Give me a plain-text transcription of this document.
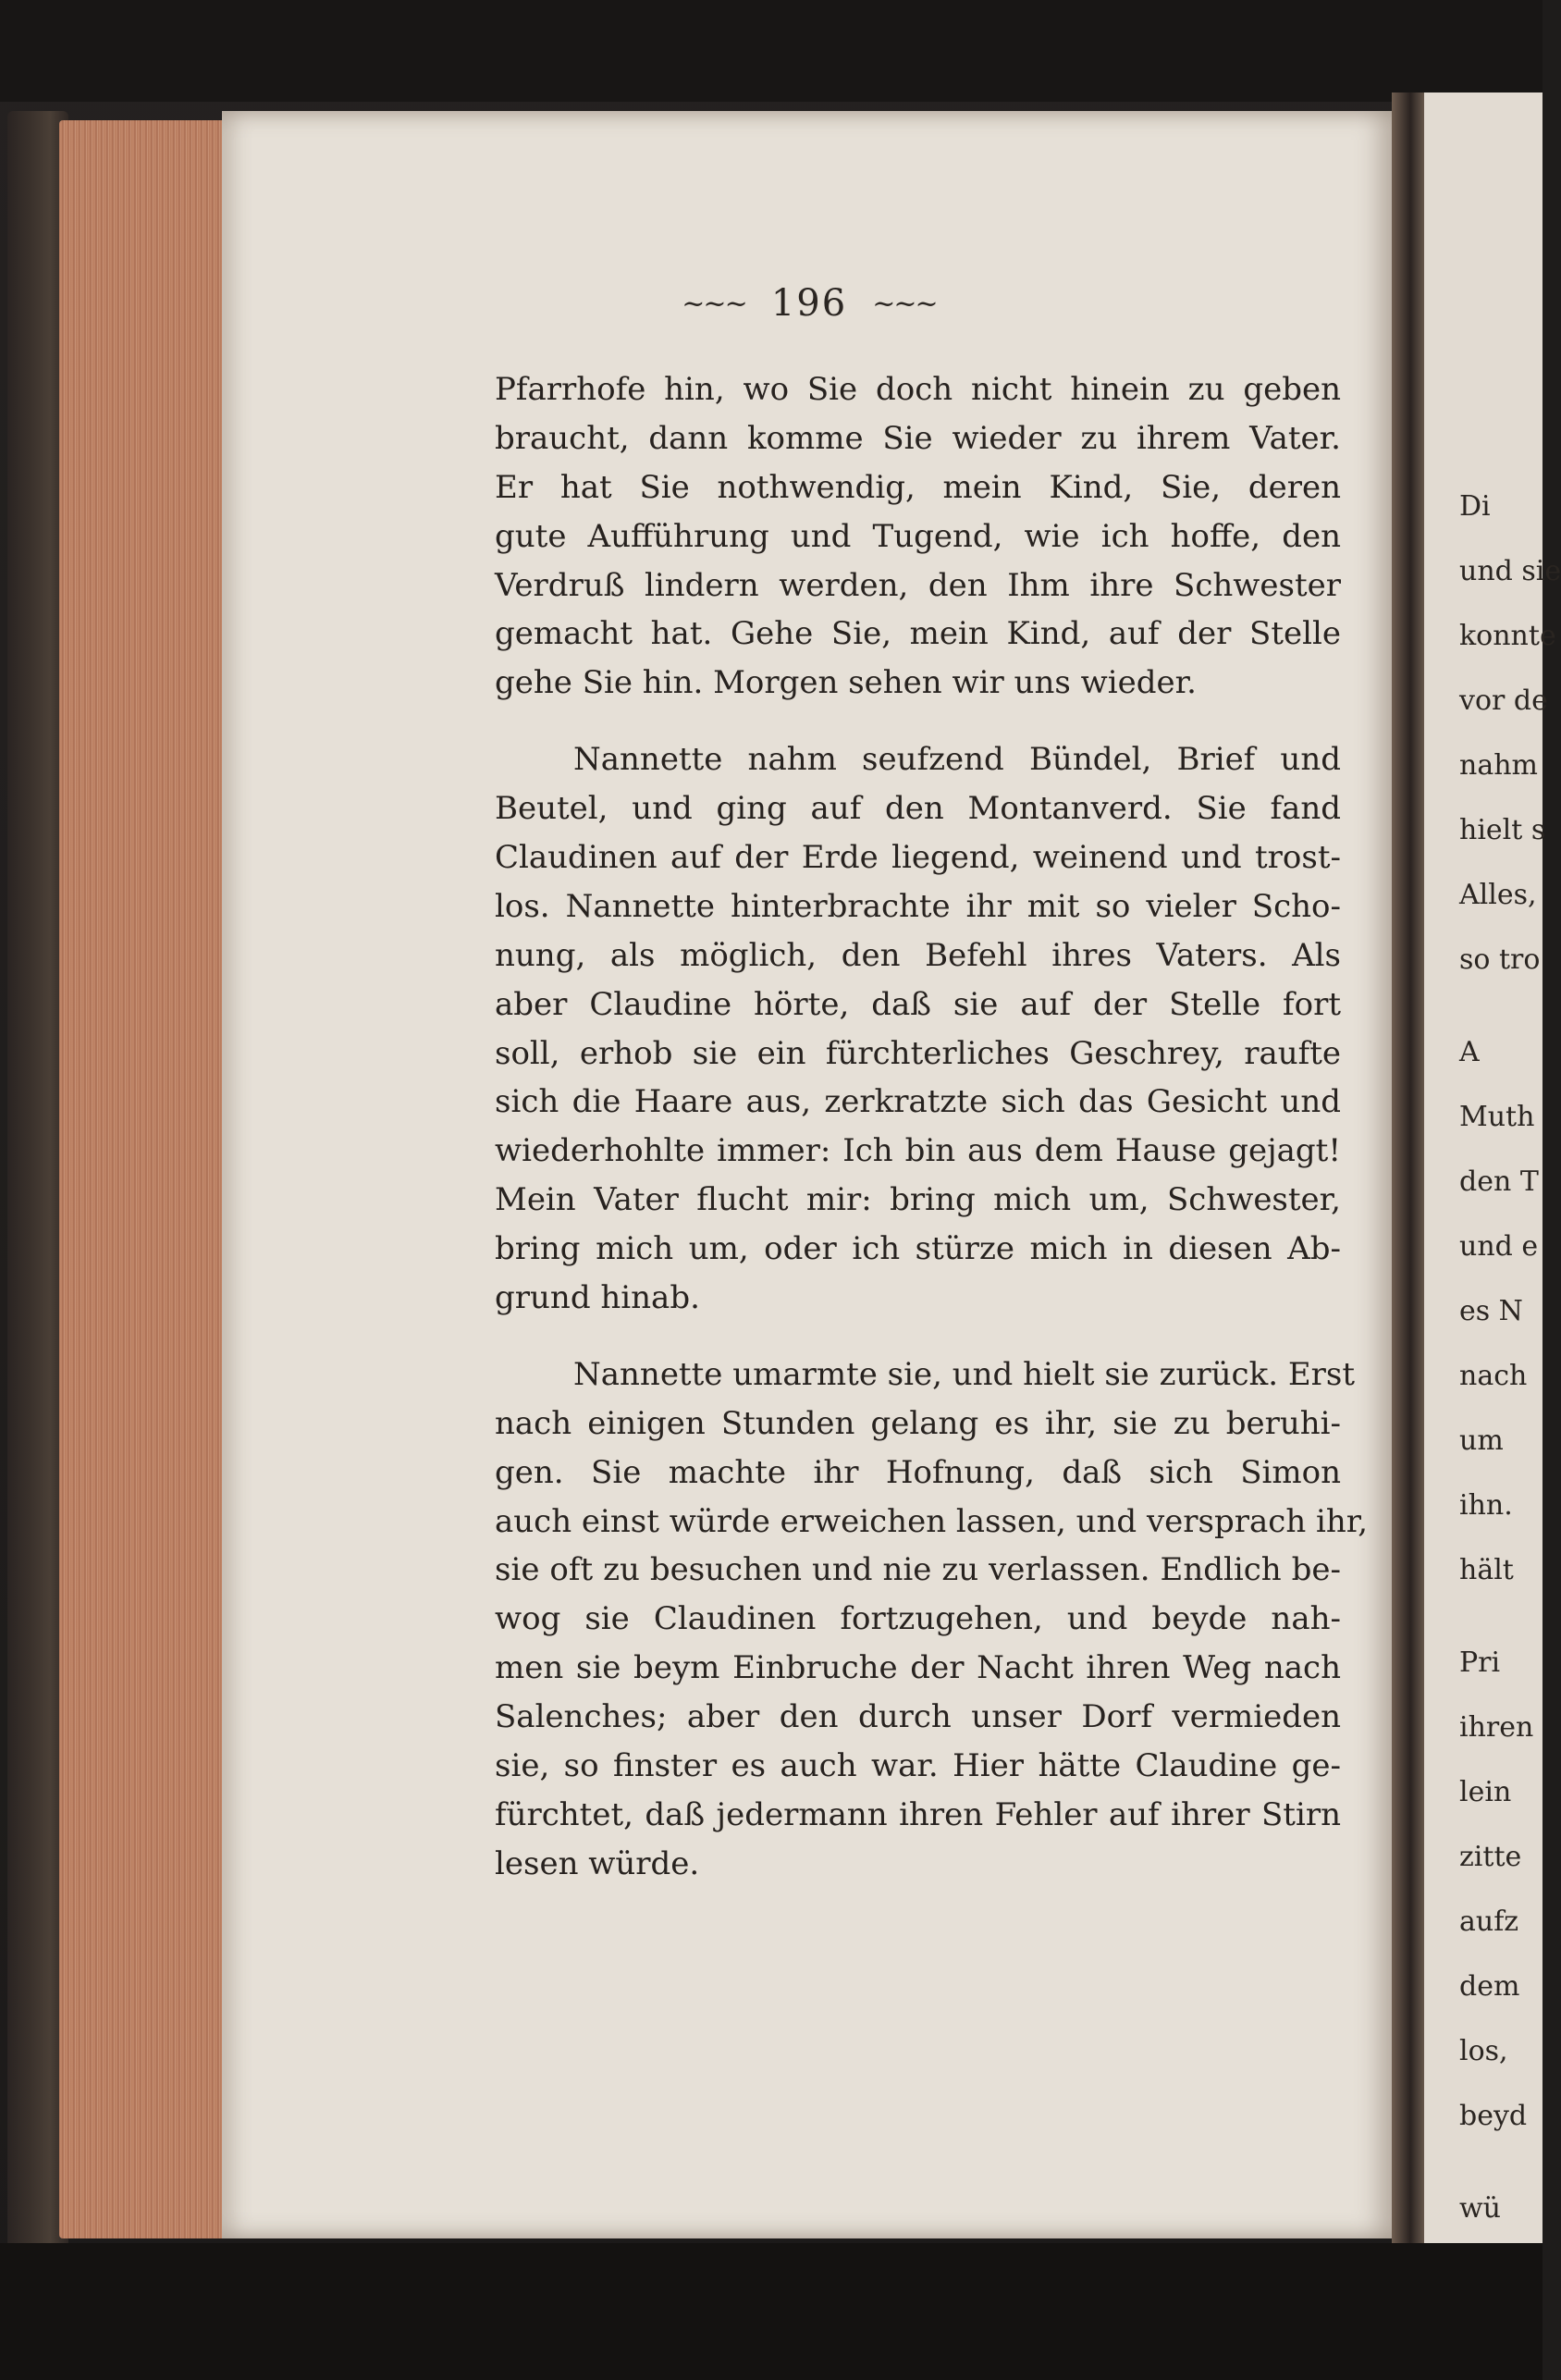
Di
und sie
konnte
vor de
nahm
hielt s
Alles,
so tro
A
Muth
den T
und e
es N
nach
um
ihn.
hält
Pri
ihren
lein
zitte
aufz
dem
los,
beyd
wü
~~~ 196 ~~~
Pfarrhofe hin, wo Sie doch nicht hinein zu geben
braucht, dann komme Sie wieder zu ihrem Vater.
Er hat Sie nothwendig, mein Kind, Sie, deren
gute Aufführung und Tugend, wie ich hoffe, den
Verdruß lindern werden, den Ihm ihre Schwester
gemacht hat. Gehe Sie, mein Kind, auf der Stelle
gehe Sie hin. Morgen sehen wir uns wieder.
Nannette nahm seufzend Bündel, Brief und
Beutel, und ging auf den Montanverd. Sie fand
Claudinen auf der Erde liegend, weinend und trost-
los. Nannette hinterbrachte ihr mit so vieler Scho-
nung, als möglich, den Befehl ihres Vaters. Als
aber Claudine hörte, daß sie auf der Stelle fort
soll, erhob sie ein fürchterliches Geschrey, raufte
sich die Haare aus, zerkratzte sich das Gesicht und
wiederhohlte immer: Ich bin aus dem Hause gejagt!
Mein Vater flucht mir: bring mich um, Schwester,
bring mich um, oder ich stürze mich in diesen Ab-
grund hinab.
Nannette umarmte sie, und hielt sie zurück. Erst
nach einigen Stunden gelang es ihr, sie zu beruhi-
gen. Sie machte ihr Hofnung, daß sich Simon
auch einst würde erweichen lassen, und versprach ihr,
sie oft zu besuchen und nie zu verlassen. Endlich be-
wog sie Claudinen fortzugehen, und beyde nah-
men sie beym Einbruche der Nacht ihren Weg nach
Salenches; aber den durch unser Dorf vermieden
sie, so finster es auch war. Hier hätte Claudine ge-
fürchtet, daß jedermann ihren Fehler auf ihrer Stirn
lesen würde.
